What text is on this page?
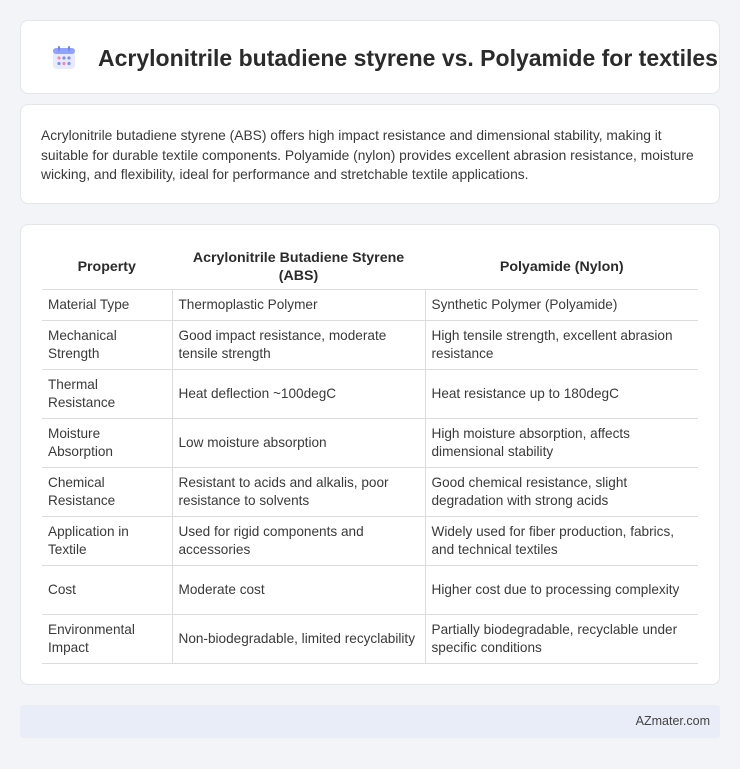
Acrylonitrile butadiene styrene vs. Polyamide for textiles

Acrylonitrile butadiene styrene (ABS) offers high impact resistance and dimensional stability, making it suitable for durable textile components. Polyamide (nylon) provides excellent abrasion resistance, moisture wicking, and flexibility, ideal for performance and stretchable textile applications.

Property	Acrylonitrile Butadiene Styrene (ABS)	Polyamide (Nylon)
Material Type	Thermoplastic Polymer	Synthetic Polymer (Polyamide)
Mechanical Strength	Good impact resistance, moderate tensile strength	High tensile strength, excellent abrasion resistance
Thermal Resistance	Heat deflection ~100degC	Heat resistance up to 180degC
Moisture Absorption	Low moisture absorption	High moisture absorption, affects dimensional stability
Chemical Resistance	Resistant to acids and alkalis, poor resistance to solvents	Good chemical resistance, slight degradation with strong acids
Application in Textile	Used for rigid components and accessories	Widely used for fiber production, fabrics, and technical textiles
Cost	Moderate cost	Higher cost due to processing complexity
Environmental Impact	Non-biodegradable, limited recyclability	Partially biodegradable, recyclable under specific conditions
AZmater.com
